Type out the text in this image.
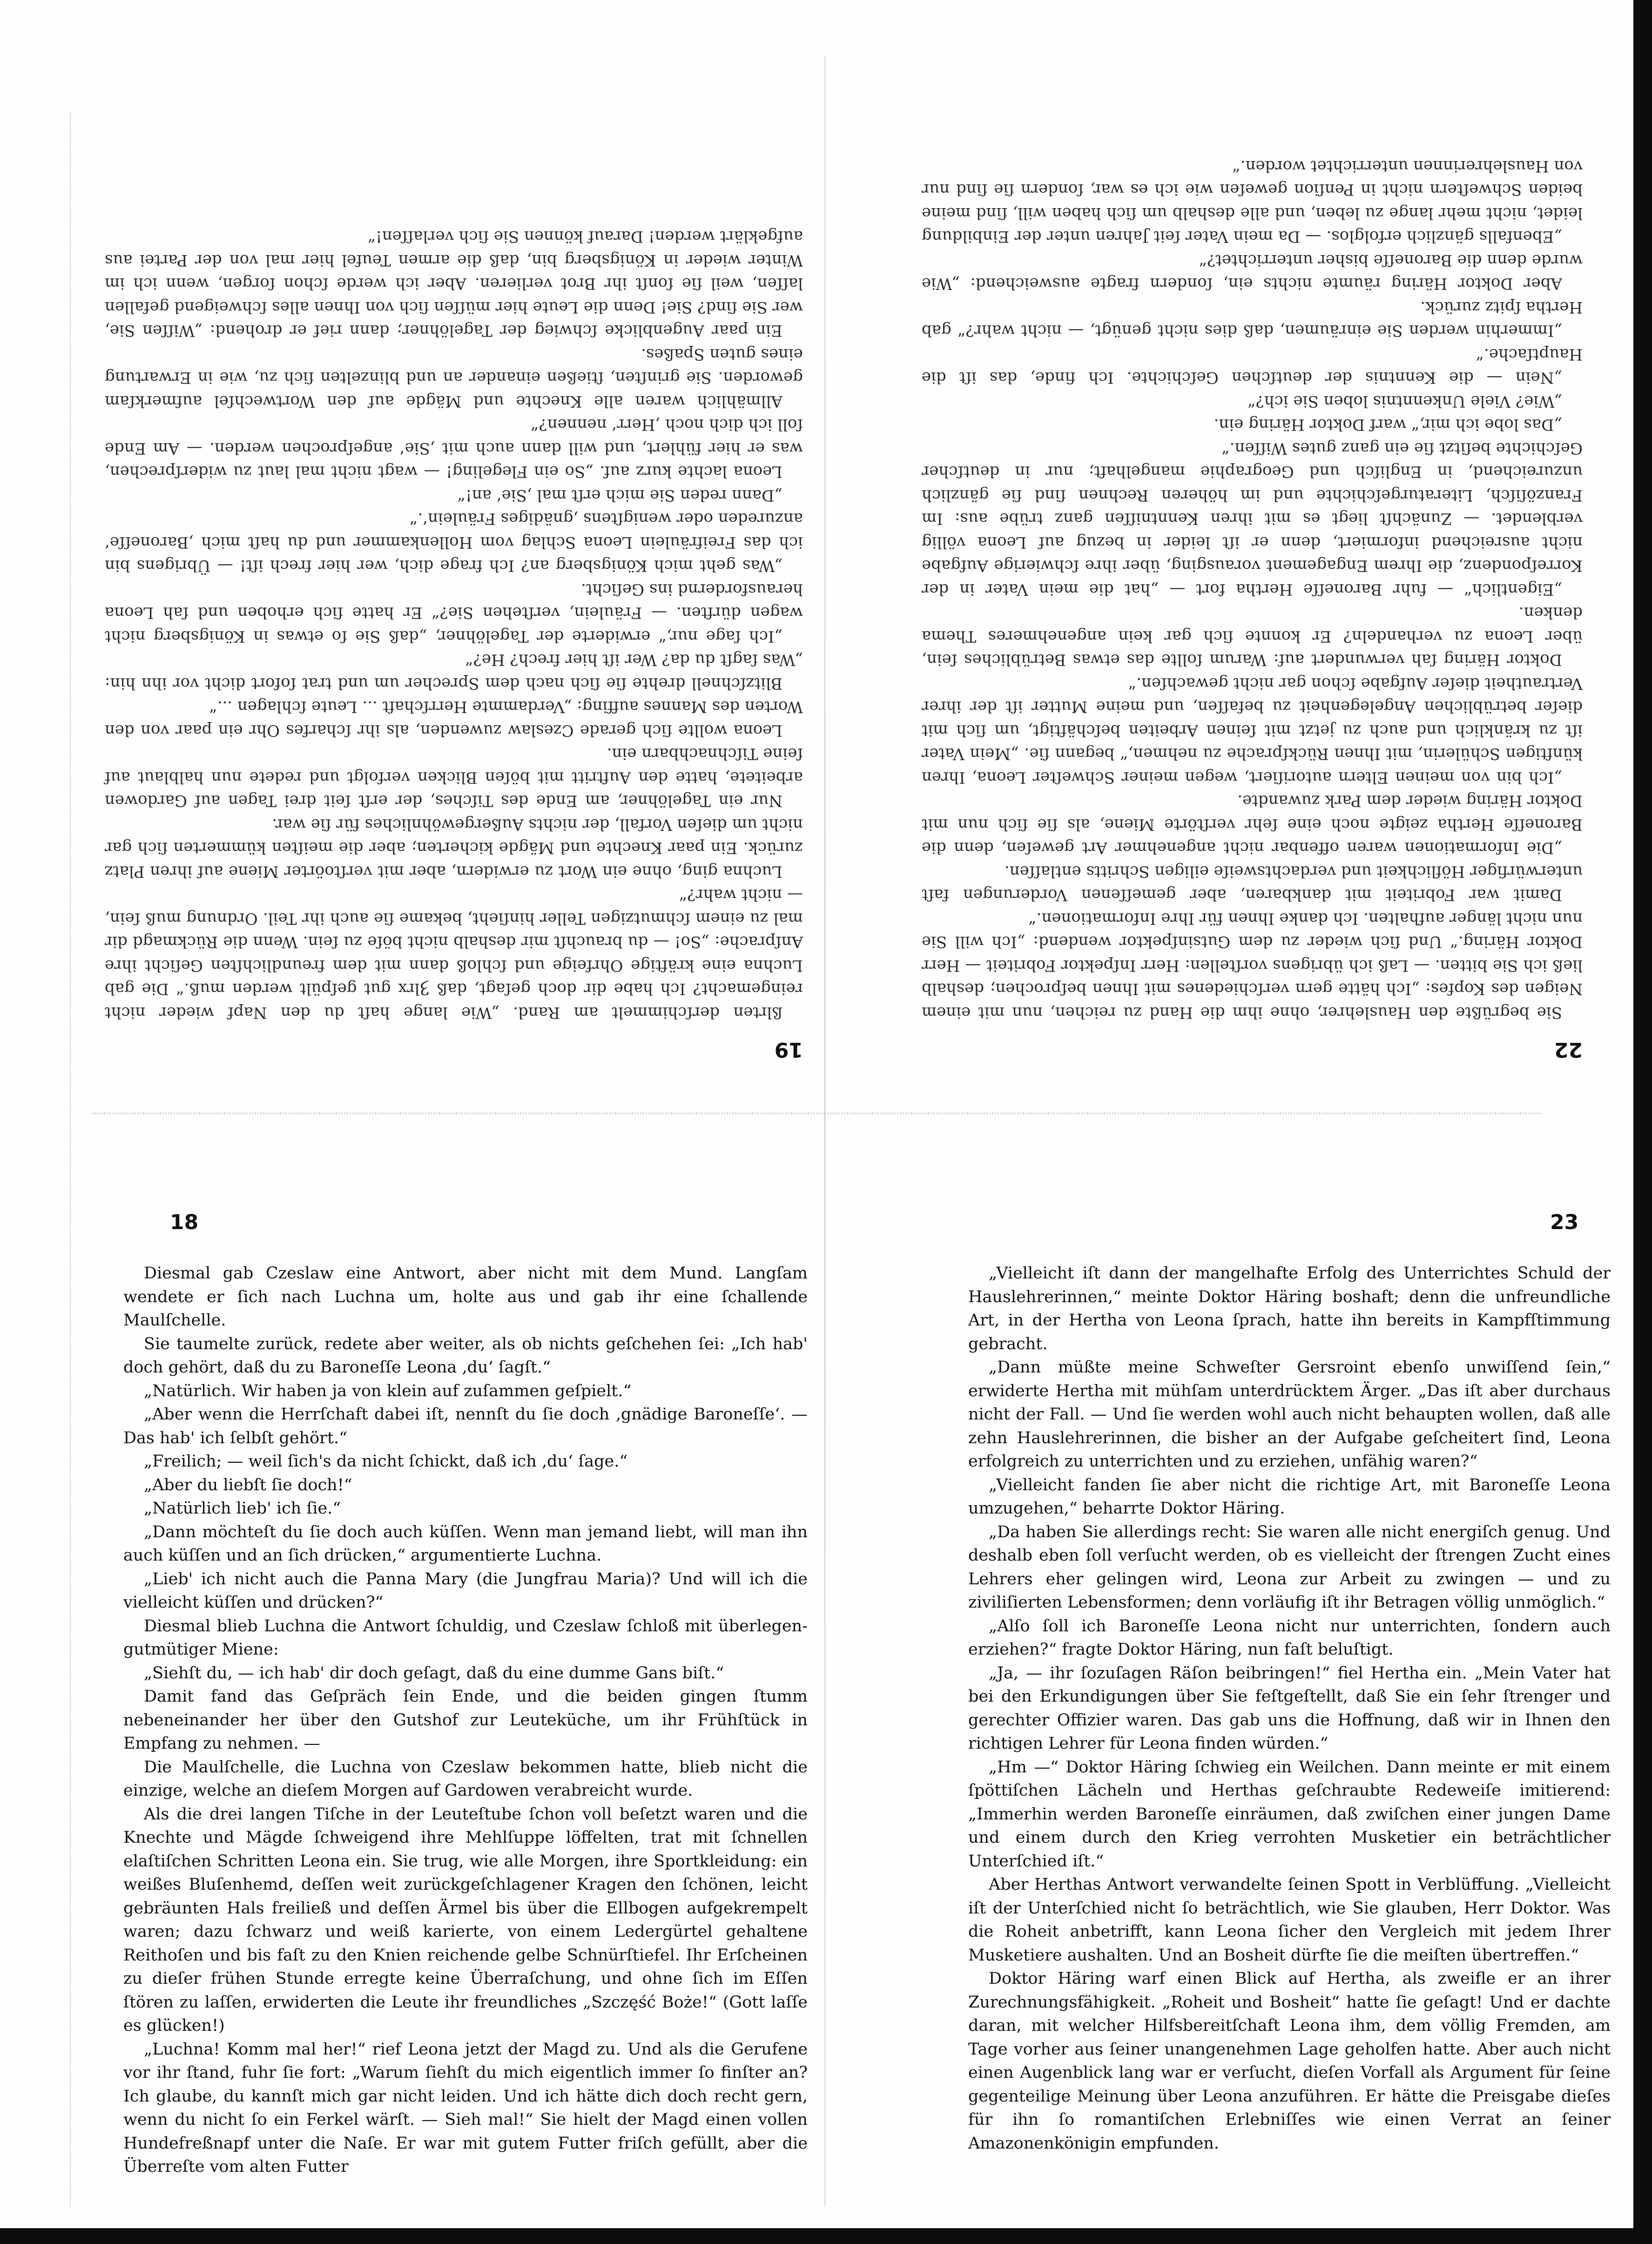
19

ßlrten derſchimmelt am Rand. „Wie lange haſt du den Napf wieder nicht reingemacht? Ich habe dir doch geſagt, daß Ȝlrx gut geſpült werden muß.“ Die gab Luchna eine kräftige Ohrfeige und ſchloß dann mit dem freundlichſten Geſicht ihre Anſprache: „So! — du brauchſt mir deshalb nicht böſe zu ſein. Wenn die Rückmagd dir mal zu einem ſchmutzigen Teller hinſieht, bekame ſie auch ihr Teil. Ordnung muß ſein, — nicht wahr?“

Luchna ging, ohne ein Wort zu erwidern, aber mit verſtoörter Miene auf ihren Platz zurück. Ein paar Knechte und Mägde kicherten; aber die meiſten kümmerten ſich gar nicht um dieſen Vorfall, der nichts Außergewöhnliches für ſie war.

Nur ein Tagelöhner, am Ende des Tiſches, der erſt ſeit drei Tagen auf Gardowen arbeitete, hatte den Auftritt mit böſen Blicken verfolgt und redete nun halblaut auf ſeine Tiſchnachbarn ein.

Leona wollte ſich gerade Czeslaw zuwenden, als ihr ſcharfes Ohr ein paar von den Worten des Mannes auffing: „Verdammte Herrſchaft ... Leute ſchlagen ...“

Blitzſchnell drehte ſie ſich nach dem Sprecher um und trat ſofort dicht vor ihn hin: „Was ſagſt du da? Wer iſt hier frech? He?“

„Ich ſage nur,“ erwiderte der Tagelöhner, „daß Sie ſo etwas in Königsberg nicht wagen dürften. — Fräulein, verſtehen Sie?“ Er hatte ſich erhoben und ſah Leona herausfordernd ins Geſicht.

„Was geht mich Königsberg an? Ich frage dich, wer hier frech iſt! — Übrigens bin ich das Freifräulein Leona Schlag vom Hollenkammer und du haſt mich ‚Baroneſſe‘ anzureden oder wenigſtens ‚gnädiges Fräulein‘.“

„Dann reden Sie mich erſt mal ‚Sie‘ an!“

Leona lachte kurz auf. „So ein Flegeling! — wagt nicht mal laut zu widerſprechen, was er hier fühlert, und will dann auch mit ‚Sie‘ angeſprochen werden. — Am Ende ſoll ich dich noch ‚Herr‘ nennen?“

Allmählich waren alle Knechte und Mägde auf den Wortwechſel aufmerkſam geworden. Sie grinſten, ſtießen einander an und blinzelten ſich zu, wie in Erwartung eines guten Spaßes.

Ein paar Augenblicke ſchwieg der Tagelöhner; dann rief er drohend: „Wiſſen Sie, wer Sie ſind? Sie! Denn die Leute hier müſſen ſich von Ihnen alles ſchweigend gefallen laſſen, weil ſie ſonſt ihr Brot verlieren. Aber ich werde ſchon ſorgen, wenn ich im Winter wieder in Königsberg bin, daß die armen Teufel hier mal von der Partei aus aufgeklärt werden! Darauf können Sie ſich verlaſſen!“

22

Sie begrüßte den Hauslehrer, ohne ihm die Hand zu reichen, nun mit einem Neigen des Kopfes: „Ich hätte gern verſchiedenes mit Ihnen beſprochen; deshalb ließ ich Sie bitten. — Laß ich übrigens vorſtellen: Herr Inſpektor Fobriteit — Herr Doktor Häring.“ Und ſich wieder zu dem Gutsinſpektor wendend: „Ich will Sie nun nicht länger aufhalten. Ich danke Ihnen für Ihre Informationen.“

Damit war Fobriteit mit dankbaren, aber gemeſſenen Vorderungen faſt unterwürfiger Höflichkeit und verdachtsweiſe eiligen Schritts entlaſſen.

„Die Informationen waren offenbar nicht angenehmer Art geweſen, denn die Baroneſſe Hertha zeigte noch eine ſehr verſtörte Miene, als ſie ſich nun mit Doktor Häring wieder dem Park zuwandte.

„Ich bin von meinen Eltern autoriſiert, wegen meiner Schweſter Leona, Ihren künftigen Schülerin, mit Ihnen Rückſprache zu nehmen,“ begann ſie. „Mein Vater iſt zu kränklich und auch zu jetzt mit ſeinen Arbeiten beſchäftigt, um ſich mit dieſer betrüblichen Angelegenheit zu befaſſen, und meine Mutter iſt der ihrer Vertrautheit dieſer Aufgabe ſchon gar nicht gewachſen.“

Doktor Häring ſah verwundert auf: Warum ſollte das etwas Betrübliches ſein, über Leona zu verhandeln? Er konnte ſich gar kein angenehmeres Thema denken.

„Eigentlich“ — fuhr Baroneſſe Hertha fort — „hat die mein Vater in der Korreſpondenz, die Ihrem Engagement vorausging, über ihre ſchwierige Aufgabe nicht ausreichend informiert, denn er iſt leider in bezug auf Leona völlig verblendet. — Zunächſt liegt es mit ihren Kenntniſſen ganz trübe aus: Im Franzöſiſch, Literaturgeſchichte und im höheren Rechnen ſind ſie gänzlich unzureichend, in Engliſch und Geographie mangelhaft; nur in deutſcher Geſchichte beſitzt ſie ein ganz gutes Wiſſen.“

„Das lobe ich mir,“ warf Doktor Häring ein.

„Wie? Viele Unkenntnis loben Sie ich?“

„Nein — die Kenntnis der deutſchen Geſchichte. Ich finde, das iſt die Hauptſache.“

„Immerhin werden Sie einräumen, daß dies nicht genügt, — nicht wahr?“ gab Hertha ſpitz zurück.

Aber Doktor Häring räumte nichts ein, ſondern fragte ausweichend: „Wie wurde denn die Baroneſſe bisher unterrichtet?“

„Ebenfalls gänzlich erfolglos. — Da mein Vater ſeit Jahren unter der Einbildung leidet, nicht mehr lange zu leben, und alle deshalb um ſich haben will, ſind meine beiden Schweſtern nicht in Penſion geweſen wie ich es war, ſondern ſie ſind nur von Hauslehrerinnen unterrichtet worden.“

18

Diesmal gab Czeslaw eine Antwort, aber nicht mit dem Mund. Langſam wendete er ſich nach Luchna um, holte aus und gab ihr eine ſchallende Maulſchelle.

Sie taumelte zurück, redete aber weiter, als ob nichts geſchehen ſei: „Ich hab' doch gehört, daß du zu Baroneſſe Leona ‚du‘ ſagſt.“

„Natürlich. Wir haben ja von klein auf zuſammen geſpielt.“

„Aber wenn die Herrſchaft dabei iſt, nennſt du ſie doch ‚gnädige Baroneſſe‘. — Das hab' ich ſelbſt gehört.“

„Freilich; — weil ſich's da nicht ſchickt, daß ich ‚du‘ ſage.“

„Aber du liebſt ſie doch!“

„Natürlich lieb' ich ſie.“

„Dann möchteſt du ſie doch auch küſſen. Wenn man jemand liebt, will man ihn auch küſſen und an ſich drücken,“ argumentierte Luchna.

„Lieb' ich nicht auch die Panna Mary (die Jungfrau Maria)? Und will ich die vielleicht küſſen und drücken?“

Diesmal blieb Luchna die Antwort ſchuldig, und Czeslaw ſchloß mit überlegen-gutmütiger Miene:

„Siehſt du, — ich hab' dir doch geſagt, daß du eine dumme Gans biſt.“

Damit fand das Geſpräch ſein Ende, und die beiden gingen ſtumm nebeneinander her über den Gutshof zur Leuteküche, um ihr Frühſtück in Empfang zu nehmen. —

Die Maulſchelle, die Luchna von Czeslaw bekommen hatte, blieb nicht die einzige, welche an dieſem Morgen auf Gardowen verabreicht wurde.

Als die drei langen Tiſche in der Leuteſtube ſchon voll beſetzt waren und die Knechte und Mägde ſchweigend ihre Mehlſuppe löffelten, trat mit ſchnellen elaſtiſchen Schritten Leona ein. Sie trug, wie alle Morgen, ihre Sportkleidung: ein weißes Bluſenhemd, deſſen weit zurückgeſchlagener Kragen den ſchönen, leicht gebräunten Hals freiließ und deſſen Ärmel bis über die Ellbogen aufgekrempelt waren; dazu ſchwarz und weiß karierte, von einem Ledergürtel gehaltene Reithoſen und bis faſt zu den Knien reichende gelbe Schnürſtiefel. Ihr Erſcheinen zu dieſer frühen Stunde erregte keine Überraſchung, und ohne ſich im Eſſen ſtören zu laſſen, erwiderten die Leute ihr freundliches „Szczęść Boże!“ (Gott laſſe es glücken!)

„Luchna! Komm mal her!“ rief Leona jetzt der Magd zu. Und als die Gerufene vor ihr ſtand, fuhr ſie fort: „Warum ſiehſt du mich eigentlich immer ſo finſter an? Ich glaube, du kannſt mich gar nicht leiden. Und ich hätte dich doch recht gern, wenn du nicht ſo ein Ferkel wärſt. — Sieh mal!“ Sie hielt der Magd einen vollen Hundefreßnapf unter die Naſe. Er war mit gutem Futter friſch gefüllt, aber die Überreſte vom alten Futter

23

„Vielleicht iſt dann der mangelhafte Erfolg des Unterrichtes Schuld der Hauslehrerinnen,“ meinte Doktor Häring boshaft; denn die unfreundliche Art, in der Hertha von Leona ſprach, hatte ihn bereits in Kampfſtimmung gebracht.

„Dann müßte meine Schweſter Gersroint ebenſo unwiſſend ſein,“ erwiderte Hertha mit mühſam unterdrücktem Ärger. „Das iſt aber durchaus nicht der Fall. — Und ſie werden wohl auch nicht behaupten wollen, daß alle zehn Hauslehrerinnen, die bisher an der Aufgabe geſcheitert ſind, Leona erfolgreich zu unterrichten und zu erziehen, unfähig waren?“

„Vielleicht fanden ſie aber nicht die richtige Art, mit Baroneſſe Leona umzugehen,“ beharrte Doktor Häring.

„Da haben Sie allerdings recht: Sie waren alle nicht energiſch genug. Und deshalb eben ſoll verſucht werden, ob es vielleicht der ſtrengen Zucht eines Lehrers eher gelingen wird, Leona zur Arbeit zu zwingen — und zu ziviliſierten Lebensformen; denn vorläufig iſt ihr Betragen völlig unmöglich.“

„Alſo ſoll ich Baroneſſe Leona nicht nur unterrichten, ſondern auch erziehen?“ fragte Doktor Häring, nun faſt beluſtigt.

„Ja, — ihr ſozuſagen Räſon beibringen!“ fiel Hertha ein. „Mein Vater hat bei den Erkundigungen über Sie feſtgeſtellt, daß Sie ein ſehr ſtrenger und gerechter Offizier waren. Das gab uns die Hoffnung, daß wir in Ihnen den richtigen Lehrer für Leona finden würden.“

„Hm —“ Doktor Häring ſchwieg ein Weilchen. Dann meinte er mit einem ſpöttiſchen Lächeln und Herthas geſchraubte Redeweiſe imitierend: „Immerhin werden Baroneſſe einräumen, daß zwiſchen einer jungen Dame und einem durch den Krieg verrohten Musketier ein beträchtlicher Unterſchied iſt.“

Aber Herthas Antwort verwandelte ſeinen Spott in Verblüffung. „Vielleicht iſt der Unterſchied nicht ſo beträchtlich, wie Sie glauben, Herr Doktor. Was die Roheit anbetrifft, kann Leona ſicher den Vergleich mit jedem Ihrer Musketiere aushalten. Und an Bosheit dürfte ſie die meiſten übertreffen.“

Doktor Häring warf einen Blick auf Hertha, als zweifle er an ihrer Zurechnungsfähigkeit. „Roheit und Bosheit“ hatte ſie geſagt! Und er dachte daran, mit welcher Hilfsbereitſchaft Leona ihm, dem völlig Fremden, am Tage vorher aus ſeiner unangenehmen Lage geholfen hatte. Aber auch nicht einen Augenblick lang war er verſucht, dieſen Vorfall als Argument für ſeine gegenteilige Meinung über Leona anzuführen. Er hätte die Preisgabe dieſes für ihn ſo romantiſchen Erlebniſſes wie einen Verrat an ſeiner Amazonenkönigin empfunden.
